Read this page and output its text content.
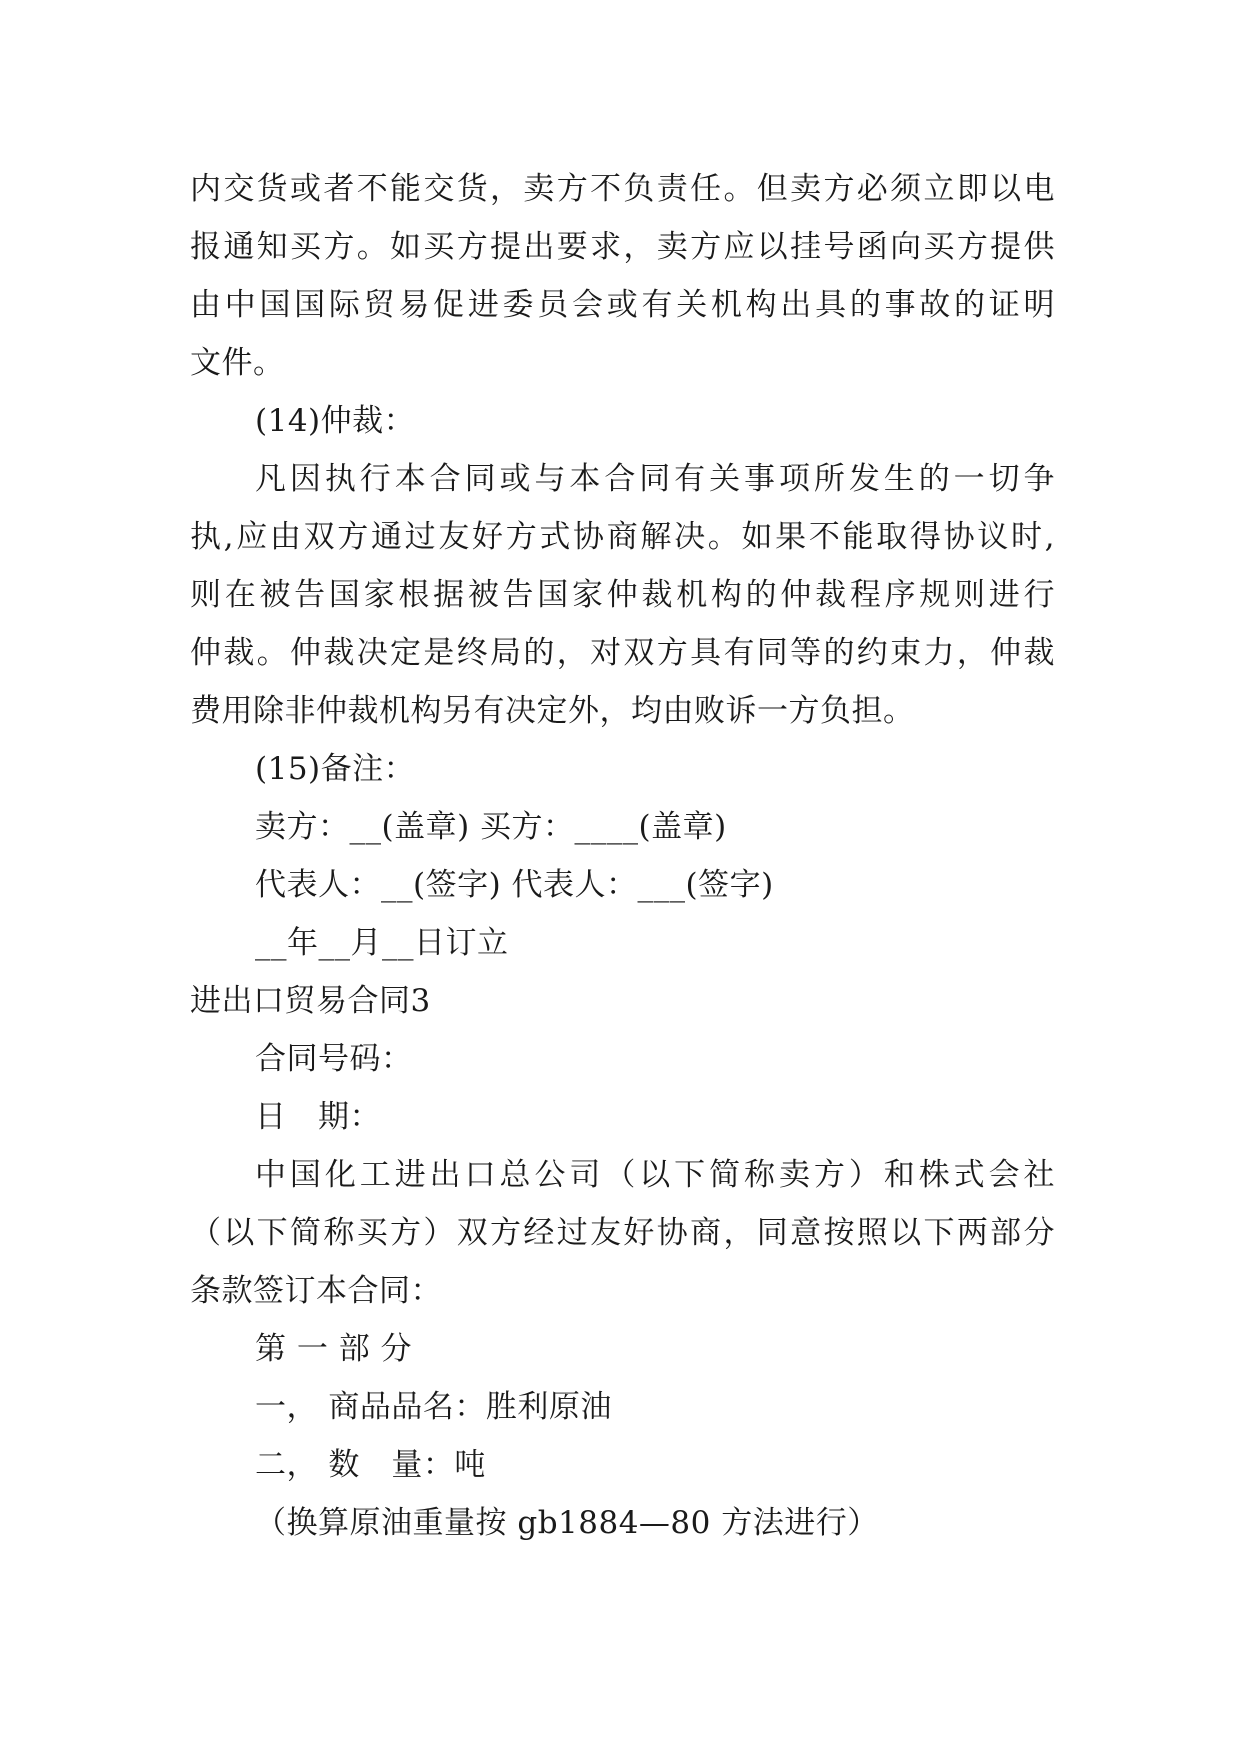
内交货或者不能交货，卖方不负责任。但卖方必须立即以电
报通知买方。如买方提出要求，卖方应以挂号函向买方提供
由中国国际贸易促进委员会或有关机构出具的事故的证明
文件。
(14)仲裁：
凡因执行本合同或与本合同有关事项所发生的一切争
执,应由双方通过友好方式协商解决。如果不能取得协议时,
则在被告国家根据被告国家仲裁机构的仲裁程序规则进行
仲裁。仲裁决定是终局的，对双方具有同等的约束力，仲裁
费用除非仲裁机构另有决定外，均由败诉一方负担。
(15)备注：
卖方：__(盖章) 买方：____(盖章)
代表人：__(签字) 代表人：___(签字)
__年__月__日订立
进出口贸易合同3
合同号码：
日　期：
中国化工进出口总公司（以下简称卖方）和株式会社
（以下简称买方）双方经过友好协商，同意按照以下两部分
条款签订本合同：
第 一 部 分
一， 商品品名：胜利原油
二， 数　量：吨
（换算原油重量按 gb1884—80 方法进行）
